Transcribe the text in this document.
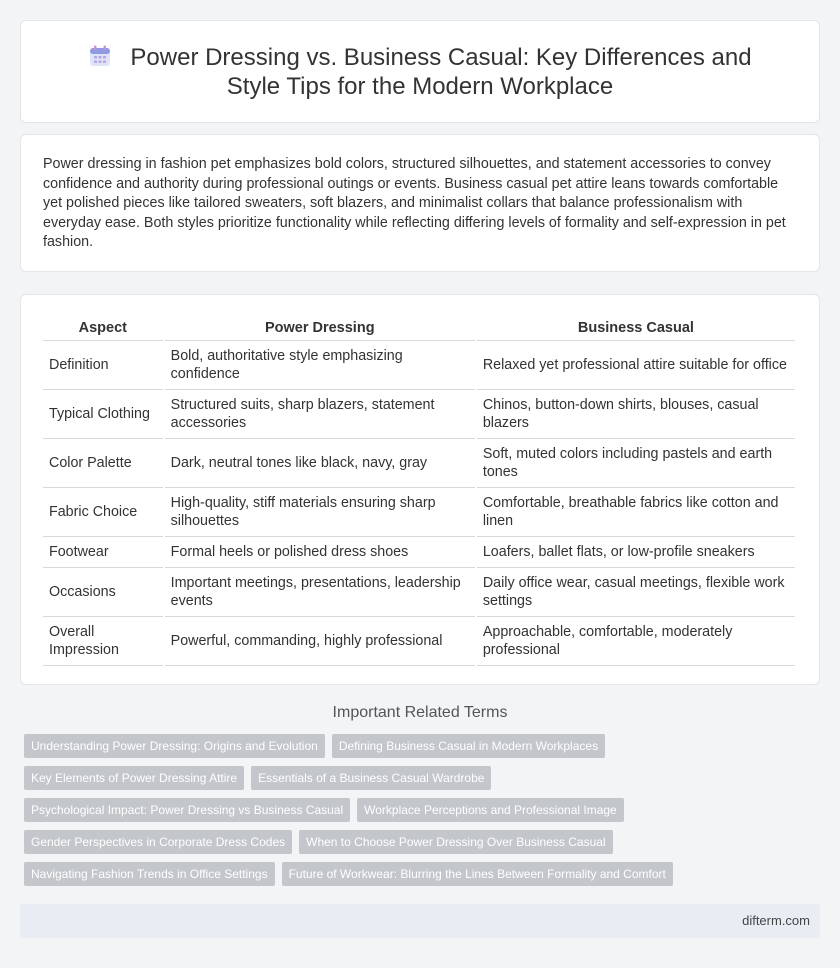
Power Dressing vs. Business Casual: Key Differences and Style Tips for the Modern Workplace

Power dressing in fashion pet emphasizes bold colors, structured silhouettes, and statement accessories to convey confidence and authority during professional outings or events. Business casual pet attire leans towards comfortable yet polished pieces like tailored sweaters, soft blazers, and minimalist collars that balance professionalism with everyday ease. Both styles prioritize functionality while reflecting differing levels of formality and self-expression in pet fashion.

Aspect	Power Dressing	Business Casual
Definition	Bold, authoritative style emphasizing confidence	Relaxed yet professional attire suitable for office
Typical Clothing	Structured suits, sharp blazers, statement accessories	Chinos, button-down shirts, blouses, casual blazers
Color Palette	Dark, neutral tones like black, navy, gray	Soft, muted colors including pastels and earth tones
Fabric Choice	High-quality, stiff materials ensuring sharp silhouettes	Comfortable, breathable fabrics like cotton and linen
Footwear	Formal heels or polished dress shoes	Loafers, ballet flats, or low-profile sneakers
Occasions	Important meetings, presentations, leadership events	Daily office wear, casual meetings, flexible work settings
Overall Impression	Powerful, commanding, highly professional	Approachable, comfortable, moderately professional
Important Related Terms
Understanding Power Dressing: Origins and Evolution	Defining Business Casual in Modern Workplaces
Key Elements of Power Dressing Attire	Essentials of a Business Casual Wardrobe
Psychological Impact: Power Dressing vs Business Casual	Workplace Perceptions and Professional Image
Gender Perspectives in Corporate Dress Codes	When to Choose Power Dressing Over Business Casual
Navigating Fashion Trends in Office Settings	Future of Workwear: Blurring the Lines Between Formality and Comfort
difterm.com
